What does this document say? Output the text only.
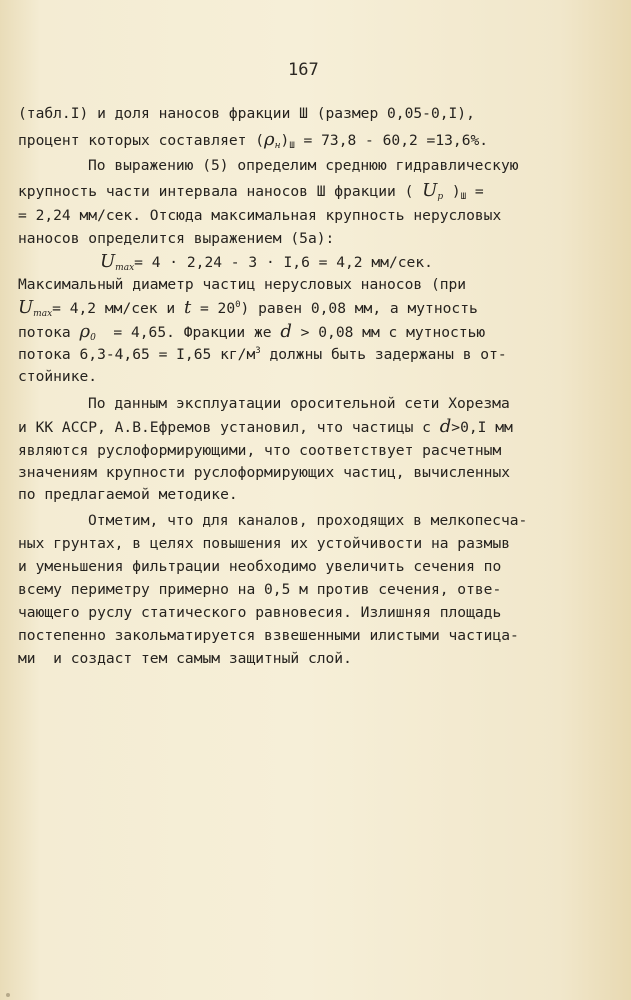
167
(табл.I) и доля наносов фракции Ш (размер 0,05-0,I),
процент которых составляет $(\rho_н)_Ш = 73,8 - 60,2 =13,6\%$.
По выражению (5) определим среднюю гидравлическую
крупность части интервала наносов Ш фракции ( $U_р$ )$_Ш$ =
= 2,24 мм/сек. Отсюда максимальная крупность нерусловых
наносов определится выражением (5а):
$U_{max}= 4 \cdot 2,24 - 3 \cdot I,6 = 4,2$ мм/сек.
Максимальный диаметр частиц нерусловых наносов (при
$U_{max}= 4,2$ мм/сек и $t = 20^0$) равен 0,08 мм, а мутность
потока $\rho_0 = 4,65$. Фракции же d > 0,08 мм с мутностью
потока 6,3-4,65 = I,65 $кг/м^3$ должны быть задержаны в от-
стойнике.
По данным эксплуатации оросительной сети Хорезма
и КК АССР, А.В.Ефремов установил, что частицы с d>0,I мм
являются руслоформирующими, что соответствует расчетным
значениям крупности руслоформирующих частиц, вычисленных
по предлагаемой методике.
Отметим, что для каналов, проходящих в мелкопесча-
ных грунтах, в целях повышения их устойчивости на размыв
и уменьшения фильтрации необходимо увеличить сечения по
всему периметру примерно на 0,5 м против сечения, отве-
чающего руслу статического равновесия. Излишняя площадь
постепенно закольматируется взвешенными илистыми частица-
ми  и создаст тем самым защитный слой.
